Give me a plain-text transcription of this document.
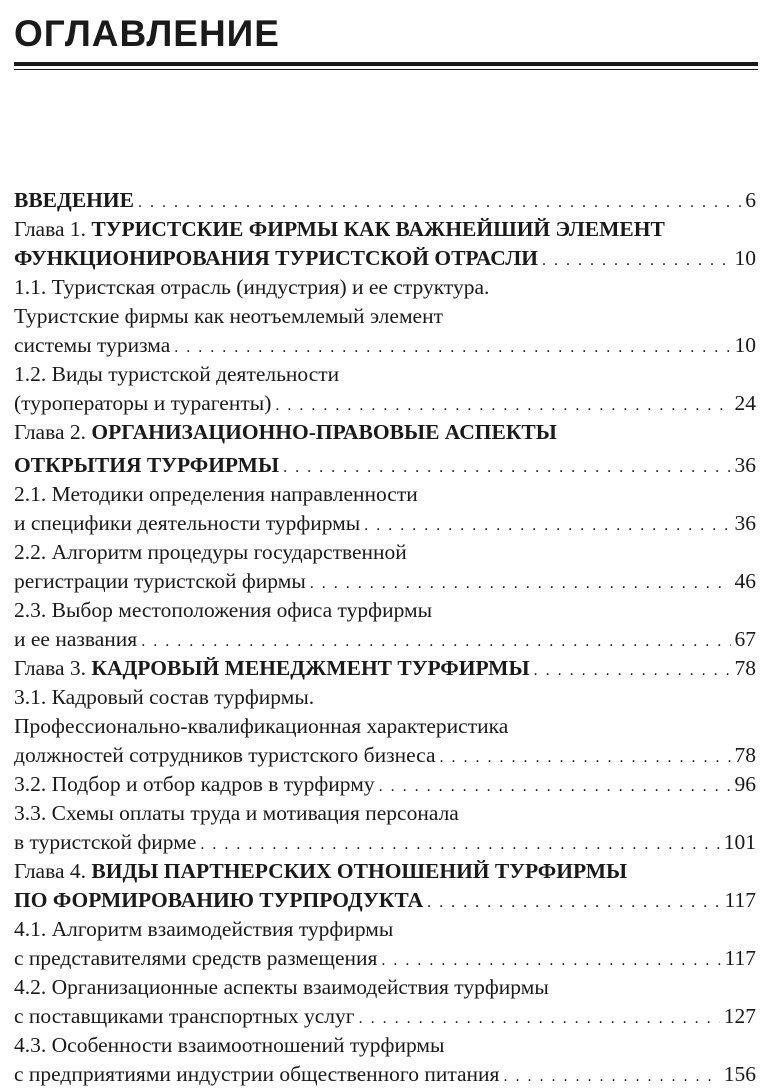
ОГЛАВЛЕНИЕ
ВВЕДЕНИЕ . . .	6
Глава 1. ТУРИСТСКИЕ ФИРМЫ КАК ВАЖНЕЙШИЙ ЭЛЕМЕНТ
ФУНКЦИОНИРОВАНИЯ ТУРИСТСКОЙ ОТРАСЛИ . . .	10
1.1. Туристская отрасль (индустрия) и ее структура.
Туристские фирмы как неотъемлемый элемент
системы туризма . . .	10
1.2. Виды туристской деятельности
(туроператоры и турагенты) . . .	24
Глава 2. ОРГАНИЗАЦИОННО-ПРАВОВЫЕ АСПЕКТЫ
ОТКРЫТИЯ ТУРФИРМЫ . . .	36
2.1. Методики определения направленности
и специфики деятельности турфирмы . . .	36
2.2. Алгоритм процедуры государственной
регистрации туристской фирмы . . .	46
2.3. Выбор местоположения офиса турфирмы
и ее названия . . .	67
Глава 3. КАДРОВЫЙ МЕНЕДЖМЕНТ ТУРФИРМЫ . . .	78
3.1. Кадровый состав турфирмы.
Профессионально-квалификационная характеристика
должностей сотрудников туристского бизнеса . . .	78
3.2. Подбор и отбор кадров в турфирму . . .	96
3.3. Схемы оплаты труда и мотивация персонала
в туристской фирме . . .	101
Глава 4. ВИДЫ ПАРТНЕРСКИХ ОТНОШЕНИЙ ТУРФИРМЫ
ПО ФОРМИРОВАНИЮ ТУРПРОДУКТА . . .	117
4.1. Алгоритм взаимодействия турфирмы
с представителями средств размещения . . .	117
4.2. Организационные аспекты взаимодействия турфирмы
с поставщиками транспортных услуг . . .	127
4.3. Особенности взаимоотношений турфирмы
с предприятиями индустрии общественного питания . . .	156
